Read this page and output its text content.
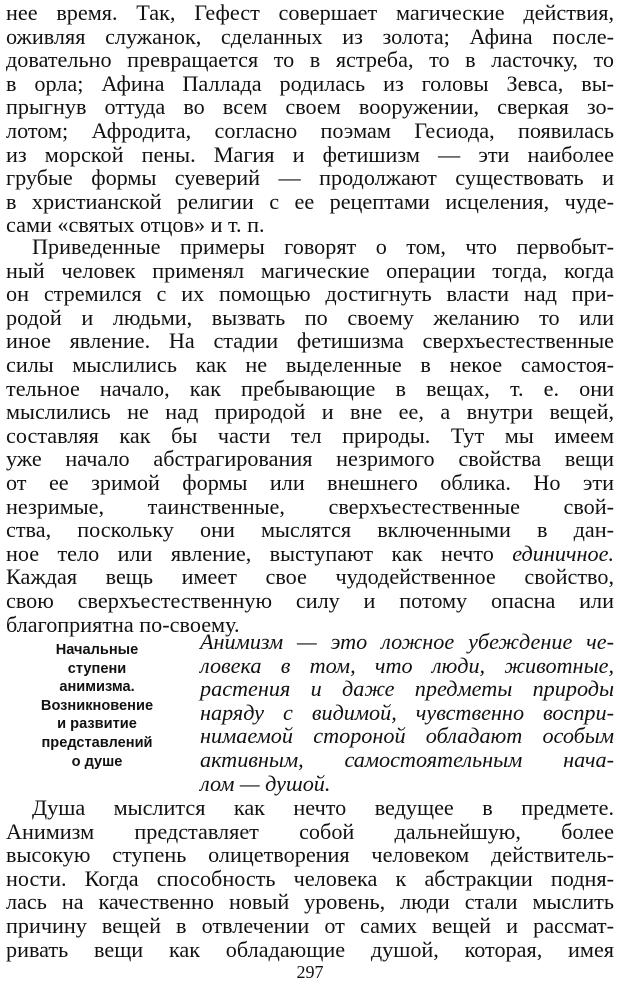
нее время. Так, Гефест совершает магические действия,
оживляя служанок, сделанных из золота; Афина после-
довательно превращается то в ястреба, то в ласточку, то
в орла; Афина Паллада родилась из головы Зевса, вы-
прыгнув оттуда во всем своем вооружении, сверкая зо-
лотом; Афродита, согласно поэмам Гесиода, появилась
из морской пены. Магия и фетишизм — эти наиболее
грубые формы суеверий — продолжают существовать и
в христианской религии с ее рецептами исцеления, чуде-
сами «святых отцов» и т. п.
Приведенные примеры говорят о том, что первобыт-
ный человек применял магические операции тогда, когда
он стремился с их помощью достигнуть власти над при-
родой и людьми, вызвать по своему желанию то или
иное явление. На стадии фетишизма сверхъестественные
силы мыслились как не выделенные в некое самостоя-
тельное начало, как пребывающие в вещах, т. е. они
мыслились не над природой и вне ее, а внутри вещей,
составляя как бы части тел природы. Тут мы имеем
уже начало абстрагирования незримого свойства вещи
от ее зримой формы или внешнего облика. Но эти
незримые, таинственные, сверхъестественные свой-
ства, поскольку они мыслятся включенными в дан-
ное тело или явление, выступают как нечто единичное.
Каждая вещь имеет свое чудодейственное свойство,
свою сверхъестественную силу и потому опасна или
благоприятна по-своему.
Начальные
ступени
анимизма.
Возникновение
и развитие
представлений
о душе
Анимизм — это ложное убеждение че-
ловека в том, что люди, животные,
растения и даже предметы природы
наряду с видимой, чувственно воспри-
нимаемой стороной обладают особым
активным, самостоятельным нача-
лом — душой.
Душа мыслится как нечто ведущее в предмете.
Анимизм представляет собой дальнейшую, более
высокую ступень олицетворения человеком действитель-
ности. Когда способность человека к абстракции подня-
лась на качественно новый уровень, люди стали мыслить
причину вещей в отвлечении от самих вещей и рассмат-
ривать вещи как обладающие душой, которая, имея
297
